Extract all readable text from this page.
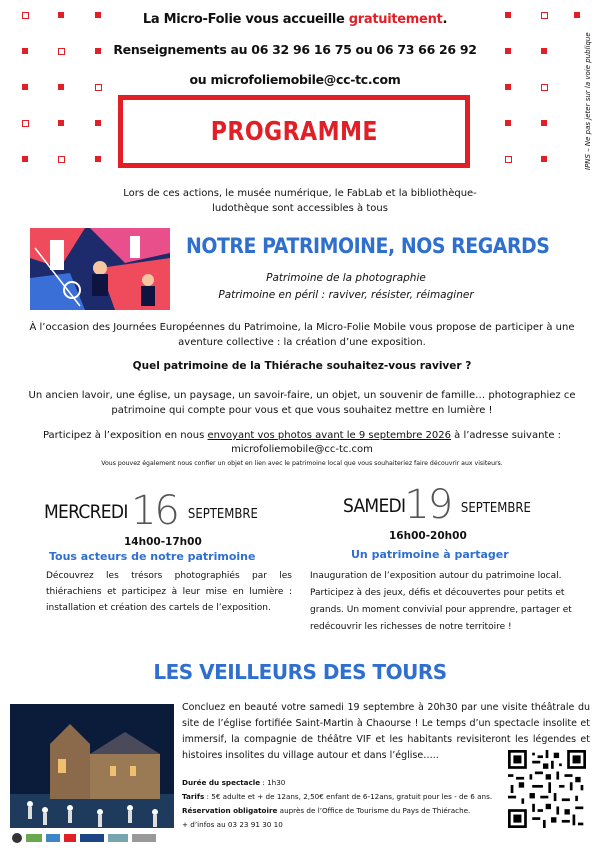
IPNS – Ne pas jeter sur la voie publique
La Micro-Folie vous accueille gratuitement.
Renseignements au 06 32 96 16 75 ou 06 73 66 26 92
ou microfoliemobile@cc-tc.com
PROGRAMME
Lors de ces actions, le musée numérique, le FabLab et la bibliothèque-
ludothèque sont accessibles à tous
NOTRE PATRIMOINE, NOS REGARDS
Patrimoine de la photographie
Patrimoine en péril : raviver, résister, réimaginer
À l’occasion des Journées Européennes du Patrimoine, la Micro-Folie Mobile vous propose de participer à une
aventure collective : la création d’une exposition.
Quel patrimoine de la Thiérache souhaitez-vous raviver ?
Un ancien lavoir, une église, un paysage, un savoir-faire, un objet, un souvenir de famille… photographiez ce
patrimoine qui compte pour vous et que vous souhaitez mettre en lumière !
Participez à l’exposition en nous envoyant vos photos avant le 9 septembre 2026 à l’adresse suivante :
microfoliemobile@cc-tc.com
Vous pouvez également nous confier un objet en lien avec le patrimoine local que vous souhaiteriez faire découvrir aux visiteurs.
MERCREDI16 SEPTEMBRE
14h00-17h00
Tous acteurs de notre patrimoine
Découvrez les trésors photographiés par les thiérachiens et participez à leur mise en lumière : installation et création des cartels de l’exposition.
SAMEDI19 SEPTEMBRE
16h00-20h00
Un patrimoine à partager
Inauguration de l’exposition autour du patrimoine local. Participez à des jeux, défis et découvertes pour petits et grands. Un moment convivial pour apprendre, partager et redécouvrir les richesses de notre territoire !
LES VEILLEURS DES TOURS
Concluez en beauté votre samedi 19 septembre à 20h30 par une visite théâtrale du site de l’église fortifiée Saint-Martin à Chaourse ! Le temps d’un spectacle insolite et immersif, la compagnie de théâtre VIF et les habitants revisiteront les légendes et histoires insolites du village autour et dans l’église…..
Durée du spectacle : 1h30
Tarifs : 5€ adulte et + de 12ans, 2,50€ enfant de 6-12ans, gratuit pour les - de 6 ans.
Réservation obligatoire auprès de l’Office de Tourisme du Pays de Thiérache.
+ d’infos au 03 23 91 30 10
